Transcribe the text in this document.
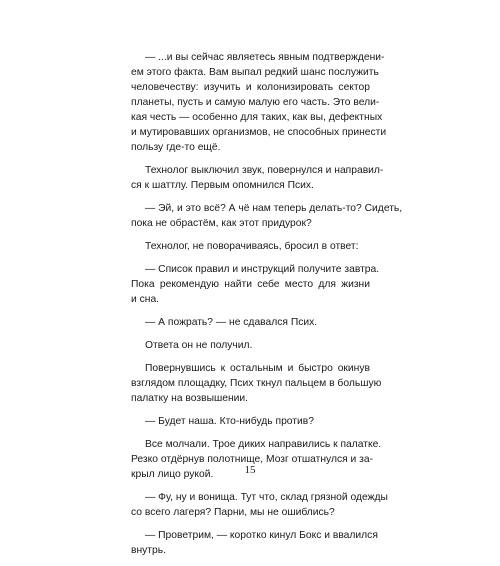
— ...и вы сейчас являетесь явным подтверждени-
ем этого факта. Вам выпал редкий шанс послужить
человечеству: изучить и колонизировать сектор
планеты, пусть и самую малую его часть. Это вели-
кая честь — особенно для таких, как вы, дефектных
и мутировавших организмов, не способных принести
пользу где-то ещё.

Технолог выключил звук, повернулся и направил-
ся к шаттлу. Первым опомнился Псих.

— Эй, и это всё? А чё нам теперь делать-то? Сидеть,
пока не обрастём, как этот придурок?

Технолог, не поворачиваясь, бросил в ответ:

— Список правил и инструкций получите завтра.
Пока рекомендую найти себе место для жизни
и сна.

— А пожрать? — не сдавался Псих.

Ответа он не получил.

Повернувшись к остальным и быстро окинув
взглядом площадку, Псих ткнул пальцем в большую
палатку на возвышении.

— Будет наша. Кто-нибудь против?

Все молчали. Трое диких направились к палатке.
Резко отдёрнув полотнище, Мозг отшатнулся и за-
крыл лицо рукой.

— Фу, ну и вонища. Тут что, склад грязной одежды
со всего лагеря? Парни, мы не ошиблись?

— Проветрим, — коротко кинул Бокс и ввалился
внутрь.

15
